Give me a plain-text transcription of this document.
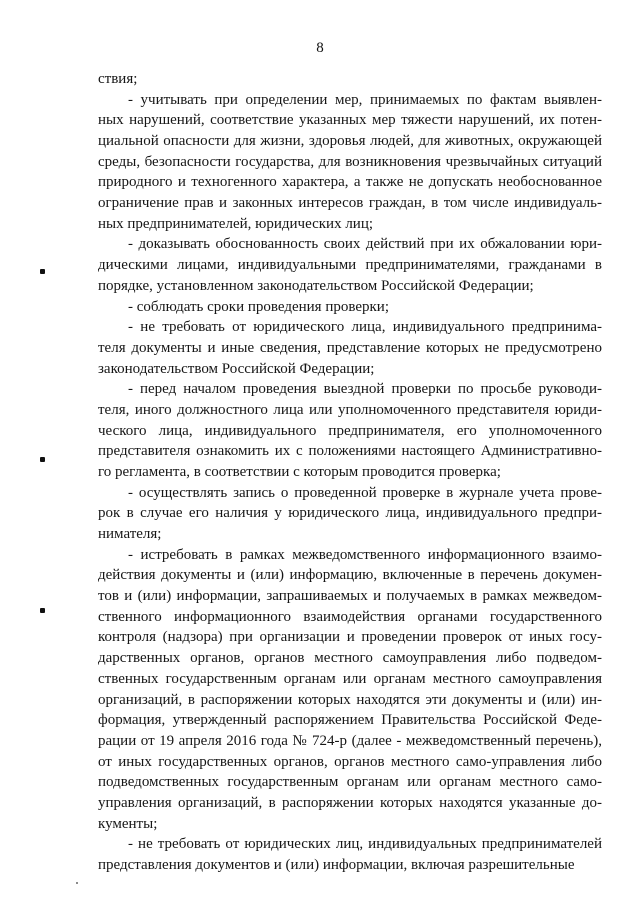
8
ствия;
- учитывать при определении мер, принимаемых по фактам выявлен-
ных нарушений, соответствие указанных мер тяжести нарушений, их потен-
циальной опасности для жизни, здоровья людей, для животных, окружающей
среды, безопасности государства, для возникновения чрезвычайных ситуаций
природного и техногенного характера, а также не допускать необоснованное
ограничение прав и законных интересов граждан, в том числе индивидуаль-
ных предпринимателей, юридических лиц;
- доказывать обоснованность своих действий при их обжаловании юри-
дическими лицами, индивидуальными предпринимателями, гражданами в
порядке, установленном законодательством Российской Федерации;
- соблюдать сроки проведения проверки;
- не требовать от юридического лица, индивидуального предпринима-
теля документы и иные сведения, представление которых не предусмотрено
законодательством Российской Федерации;
- перед началом проведения выездной проверки по просьбе руководи-
теля, иного должностного лица или уполномоченного представителя юриди-
ческого лица, индивидуального предпринимателя, его уполномоченного
представителя ознакомить их с положениями настоящего Административно-
го регламента, в соответствии с которым проводится проверка;
- осуществлять запись о проведенной проверке в журнале учета прове-
рок в случае его наличия у юридического лица, индивидуального предпри-
нимателя;
- истребовать в рамках межведомственного информационного взаимо-
действия документы и (или) информацию, включенные в перечень докумен-
тов и (или) информации, запрашиваемых и получаемых в рамках межведом-
ственного информационного взаимодействия органами государственного
контроля (надзора) при организации и проведении проверок от иных госу-
дарственных органов, органов местного самоуправления либо подведом-
ственных государственным органам или органам местного самоуправления
организаций, в распоряжении которых находятся эти документы и (или) ин-
формация, утвержденный распоряжением Правительства Российской Феде-
рации от 19 апреля 2016 года № 724-р (далее - межведомственный перечень),
от иных государственных органов, органов местного само-управления либо
подведомственных государственным органам или органам местного само-
управления организаций, в распоряжении которых находятся указанные до-
кументы;
- не требовать от юридических лиц, индивидуальных предпринимателей
представления документов и (или) информации, включая разрешительные
